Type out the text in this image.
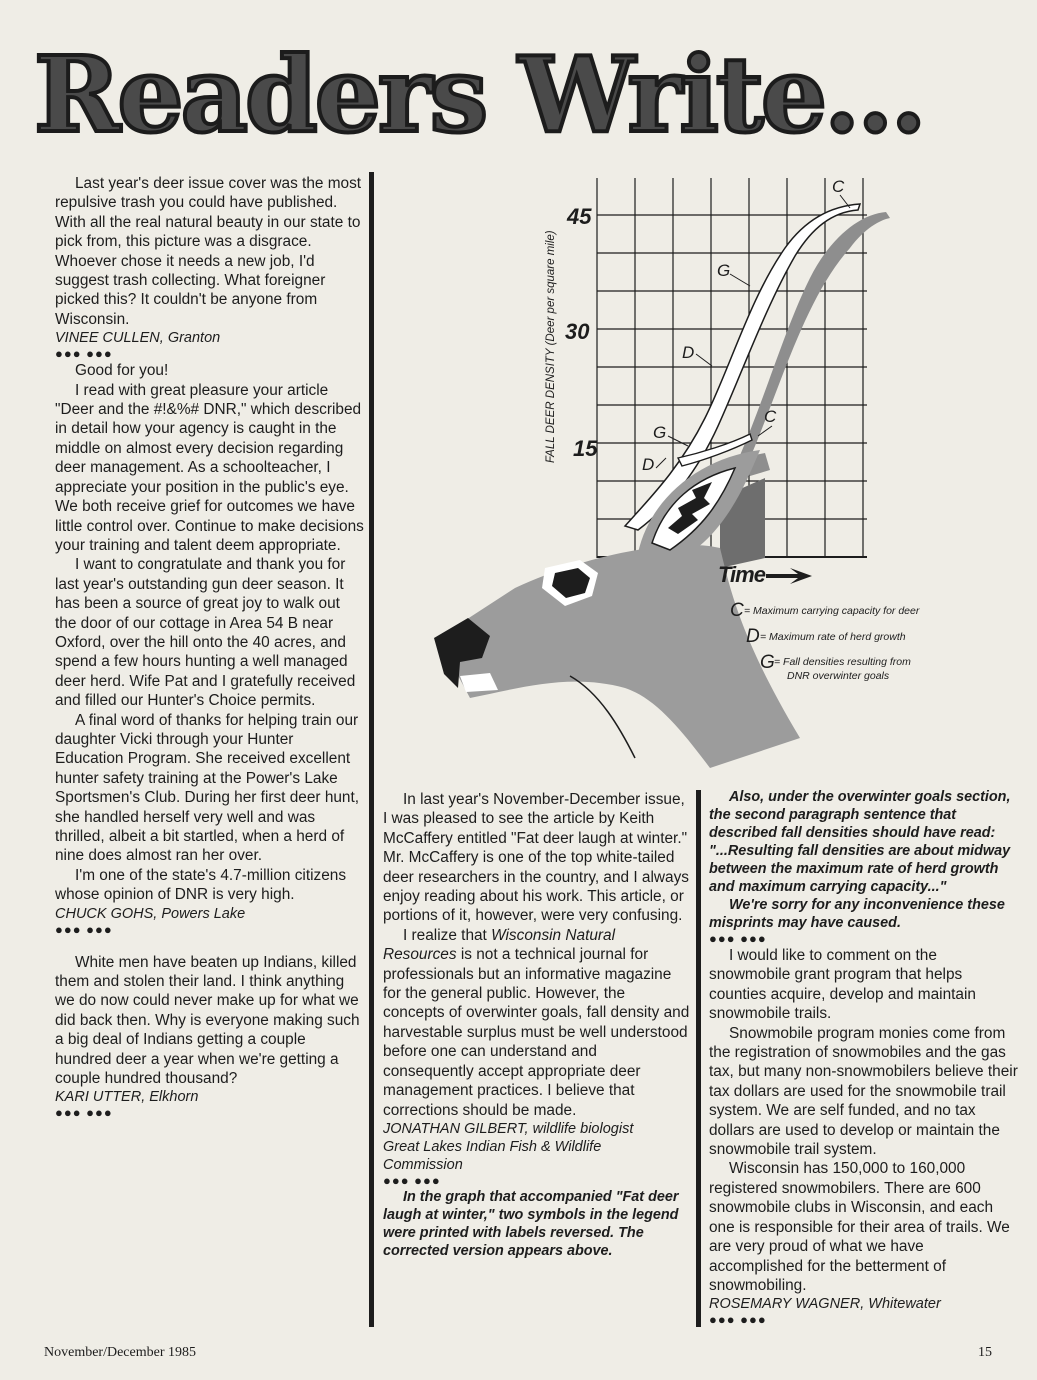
Readers Write...

Last year's deer issue cover was the most repulsive trash you could have published. With all the real natural beauty in our state to pick from, this picture was a disgrace. Whoever chose it needs a new job, I'd suggest trash collecting. What foreigner picked this? It couldn't be anyone from Wisconsin.

VINEE CULLEN, Granton

●●● ●●●

Good for you!

I read with great pleasure your article "Deer and the #!&%# DNR," which described in detail how your agency is caught in the middle on almost every decision regarding deer management. As a schoolteacher, I appreciate your position in the public's eye. We both receive grief for outcomes we have little control over. Continue to make decisions your training and talent deem appropriate.

I want to congratulate and thank you for last year's outstanding gun deer season. It has been a source of great joy to walk out the door of our cottage in Area 54 B near Oxford, over the hill onto the 40 acres, and spend a few hours hunting a well managed deer herd. Wife Pat and I gratefully received and filled our Hunter's Choice permits.

A final word of thanks for helping train our daughter Vicki through your Hunter Education Program. She received excellent hunter safety training at the Power's Lake Sportsmen's Club. During her first deer hunt, she handled herself very well and was thrilled, albeit a bit startled, when a herd of nine does almost ran her over.

I'm one of the state's 4.7-million citizens whose opinion of DNR is very high.

CHUCK GOHS, Powers Lake

●●● ●●●

White men have beaten up Indians, killed them and stolen their land. I think anything we do now could never make up for what we did back then. Why is everyone making such a big deal of Indians getting a couple hundred deer a year when we're getting a couple hundred thousand?

KARI UTTER, Elkhorn

●●● ●●●

FALL DEER DENSITY (Deer per square mile)
45
30
15
C
G
D
C
G
D
Time
C = Maximum carrying capacity for deer
D = Maximum rate of herd growth
G = Fall densities resulting from
DNR overwinter goals

In last year's November-December issue, I was pleased to see the article by Keith McCaffery entitled "Fat deer laugh at winter." Mr. McCaffery is one of the top white-tailed deer researchers in the country, and I always enjoy reading about his work. This article, or portions of it, however, were very confusing.

I realize that Wisconsin Natural Resources is not a technical journal for professionals but an informative magazine for the general public. However, the concepts of overwinter goals, fall density and harvestable surplus must be well understood before one can understand and consequently accept appropriate deer management practices. I believe that corrections should be made.

JONATHAN GILBERT, wildlife biologist

Great Lakes Indian Fish & Wildlife

Commission

●●● ●●●

In the graph that accompanied "Fat deer laugh at winter," two symbols in the legend were printed with labels reversed. The corrected version appears above.

Also, under the overwinter goals section, the second paragraph sentence that described fall densities should have read: "...Resulting fall densities are about midway between the maximum rate of herd growth and maximum carrying capacity..."

We're sorry for any inconvenience these misprints may have caused.

●●● ●●●

I would like to comment on the snowmobile grant program that helps counties acquire, develop and maintain snowmobile trails.

Snowmobile program monies come from the registration of snowmobiles and the gas tax, but many non-snowmobilers believe their tax dollars are used for the snowmobile trail system. We are self funded, and no tax dollars are used to develop or maintain the snowmobile trail system.

Wisconsin has 150,000 to 160,000 registered snowmobilers. There are 600 snowmobile clubs in Wisconsin, and each one is responsible for their area of trails. We are very proud of what we have accomplished for the betterment of snowmobiling.

ROSEMARY WAGNER, Whitewater

●●● ●●●

November/December 1985	15
